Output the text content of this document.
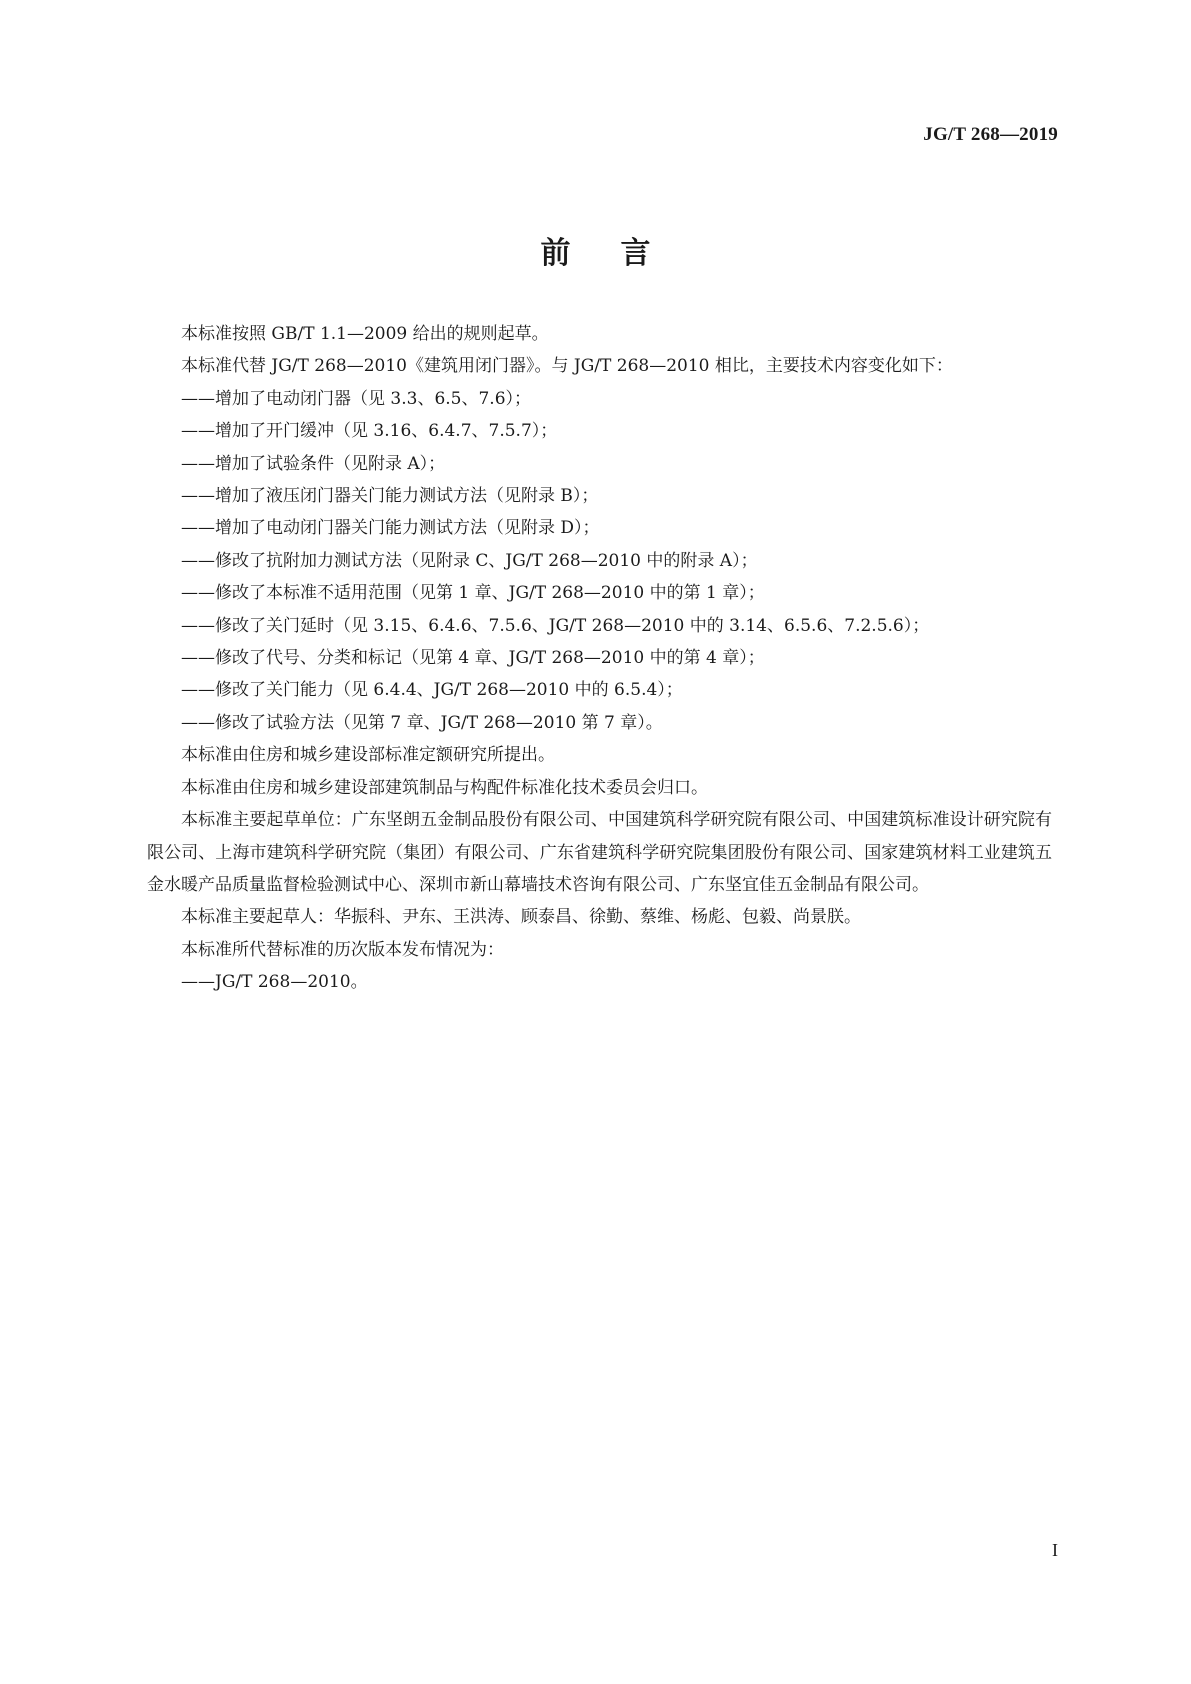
JG/T 268—2019
前言

本标准按照 GB/T 1.1—2009 给出的规则起草。

本标准代替 JG/T 268—2010《建筑用闭门器》。与 JG/T 268—2010 相比，主要技术内容变化如下：

——增加了电动闭门器（见 3.3、6.5、7.6）；

——增加了开门缓冲（见 3.16、6.4.7、7.5.7）；

——增加了试验条件（见附录 A）；

——增加了液压闭门器关门能力测试方法（见附录 B）；

——增加了电动闭门器关门能力测试方法（见附录 D）；

——修改了抗附加力测试方法（见附录 C、JG/T 268—2010 中的附录 A）；

——修改了本标准不适用范围（见第 1 章、JG/T 268—2010 中的第 1 章）；

——修改了关门延时（见 3.15、6.4.6、7.5.6、JG/T 268—2010 中的 3.14、6.5.6、7.2.5.6）；

——修改了代号、分类和标记（见第 4 章、JG/T 268—2010 中的第 4 章）；

——修改了关门能力（见 6.4.4、JG/T 268—2010 中的 6.5.4）；

——修改了试验方法（见第 7 章、JG/T 268—2010 第 7 章）。

本标准由住房和城乡建设部标准定额研究所提出。

本标准由住房和城乡建设部建筑制品与构配件标准化技术委员会归口。

本标准主要起草单位：广东坚朗五金制品股份有限公司、中国建筑科学研究院有限公司、中国建筑标准设计研究院有限公司、上海市建筑科学研究院（集团）有限公司、广东省建筑科学研究院集团股份有限公司、国家建筑材料工业建筑五金水暖产品质量监督检验测试中心、深圳市新山幕墙技术咨询有限公司、广东坚宜佳五金制品有限公司。

本标准主要起草人：华振科、尹东、王洪涛、顾泰昌、徐勤、蔡维、杨彪、包毅、尚景朕。

本标准所代替标准的历次版本发布情况为：

——JG/T 268—2010。

I
